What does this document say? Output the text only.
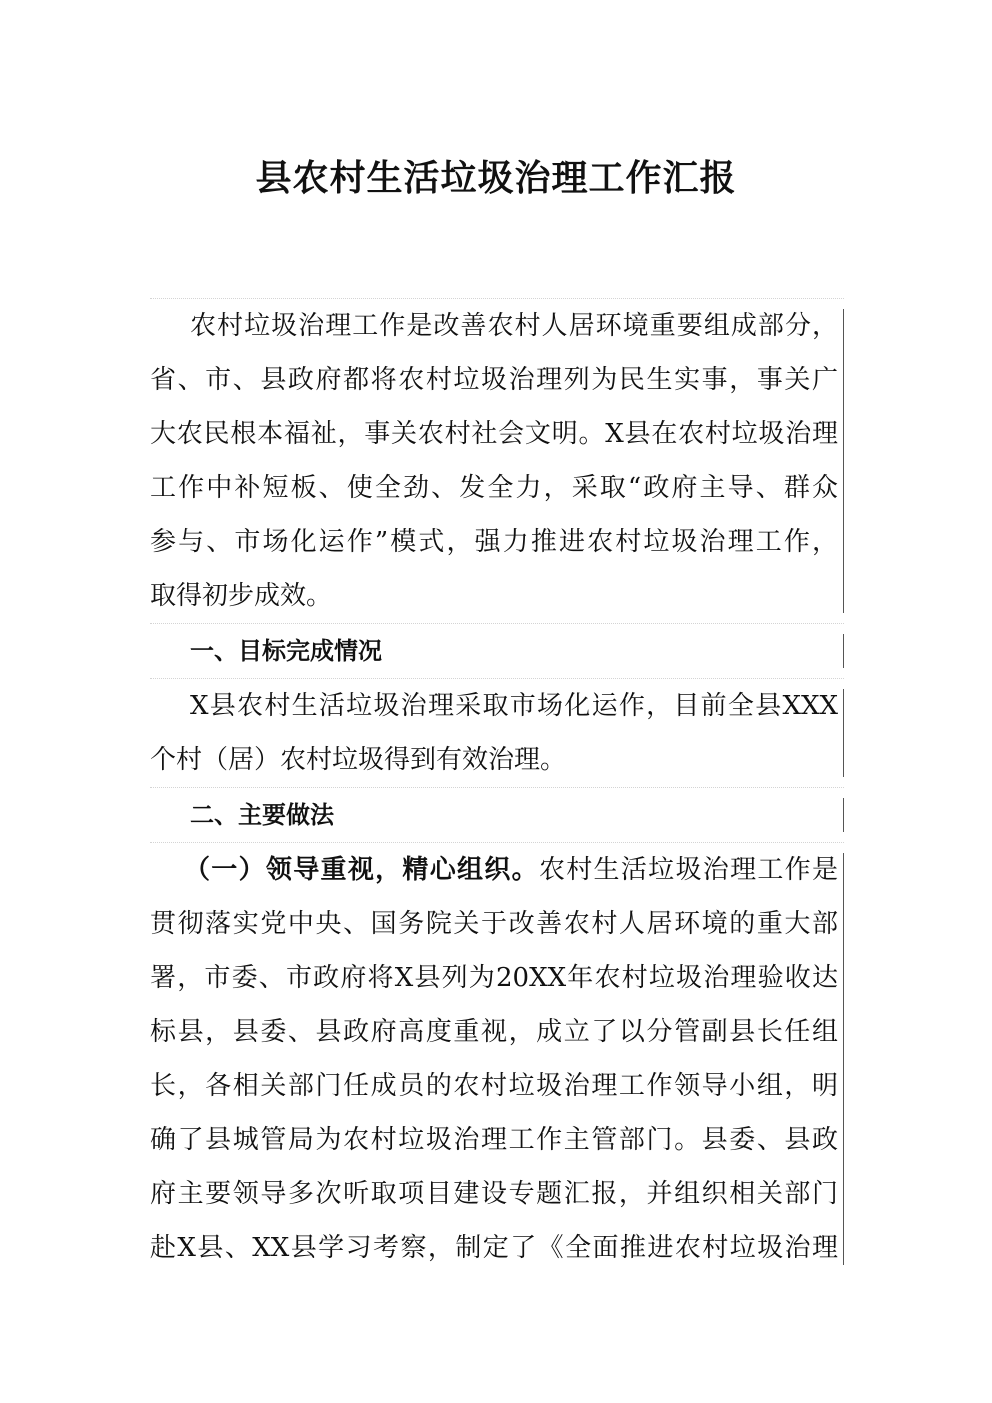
县农村生活垃圾治理工作汇报
农村垃圾治理工作是改善农村人居环境重要组成部分，
省、市、县政府都将农村垃圾治理列为民生实事，事关广
大农民根本福祉，事关农村社会文明。X县在农村垃圾治理
工作中补短板、使全劲、发全力，采取“政府主导、群众
参与、市场化运作”模式，强力推进农村垃圾治理工作，
取得初步成效。
一、目标完成情况
X县农村生活垃圾治理采取市场化运作，目前全县XXX
个村（居）农村垃圾得到有效治理。
二、主要做法
（一）领导重视，精心组织。农村生活垃圾治理工作是
贯彻落实党中央、国务院关于改善农村人居环境的重大部
署，市委、市政府将X县列为20XX年农村垃圾治理验收达
标县，县委、县政府高度重视，成立了以分管副县长任组
长，各相关部门任成员的农村垃圾治理工作领导小组，明
确了县城管局为农村垃圾治理工作主管部门。县委、县政
府主要领导多次听取项目建设专题汇报，并组织相关部门
赴X县、XX县学习考察，制定了《全面推进农村垃圾治理
